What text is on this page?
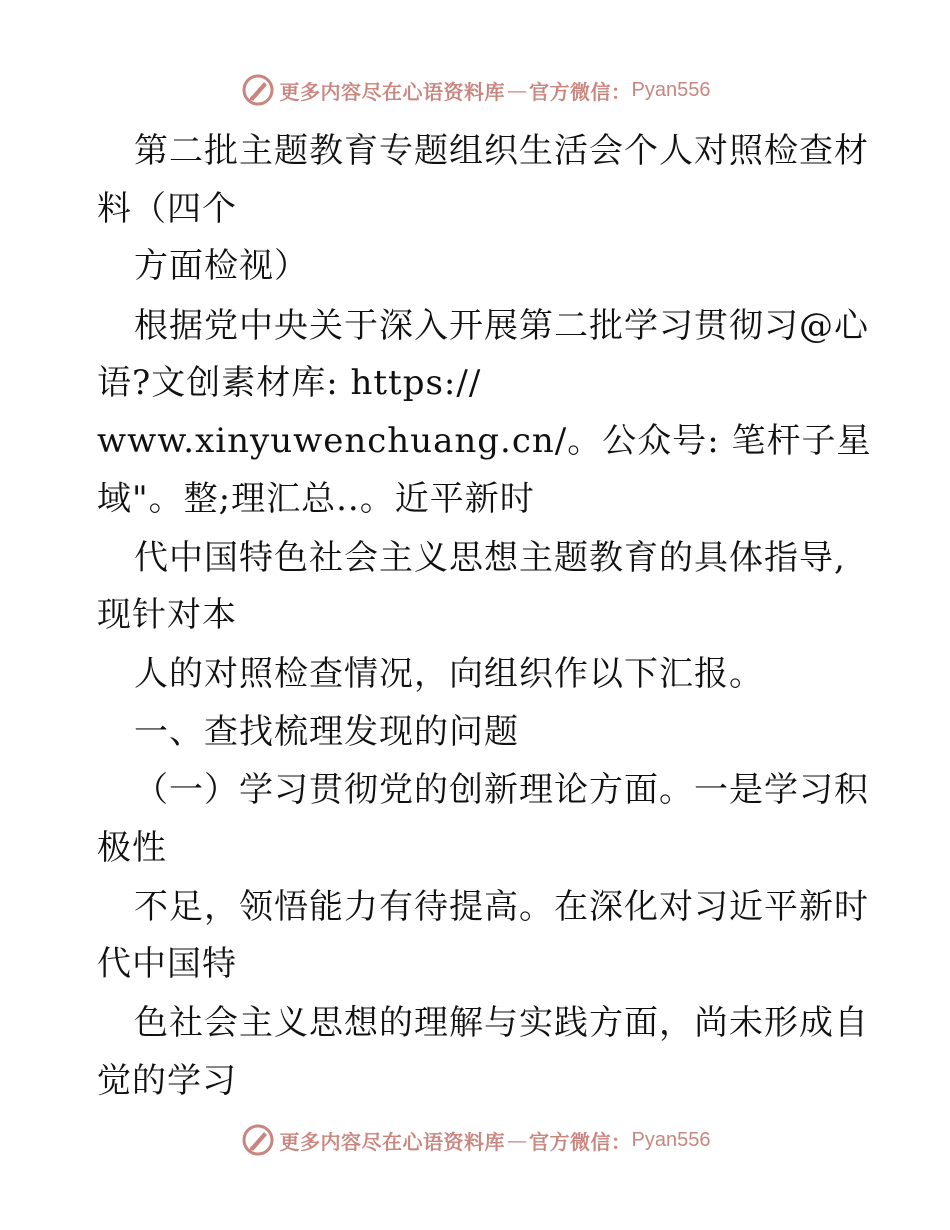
更多内容尽在心语资料库 — 官方微信： Pyan556
第二批主题教育专题组织生活会个人对照检查材
料（四个
方面检视）
根据党中央关于深入开展第二批学习贯彻习@心
语?文创素材库: https://
www.xinyuwenchuang.cn/。公众号: 笔杆子星
域"。整;理汇总..。近平新时
代中国特色社会主义思想主题教育的具体指导,
现针对本
人的对照检查情况，向组织作以下汇报。
一、查找梳理发现的问题
（一）学习贯彻党的创新理论方面。一是学习积
极性
不足，领悟能力有待提高。在深化对习近平新时
代中国特
色社会主义思想的理解与实践方面，尚未形成自
觉的学习
更多内容尽在心语资料库 — 官方微信： Pyan556
